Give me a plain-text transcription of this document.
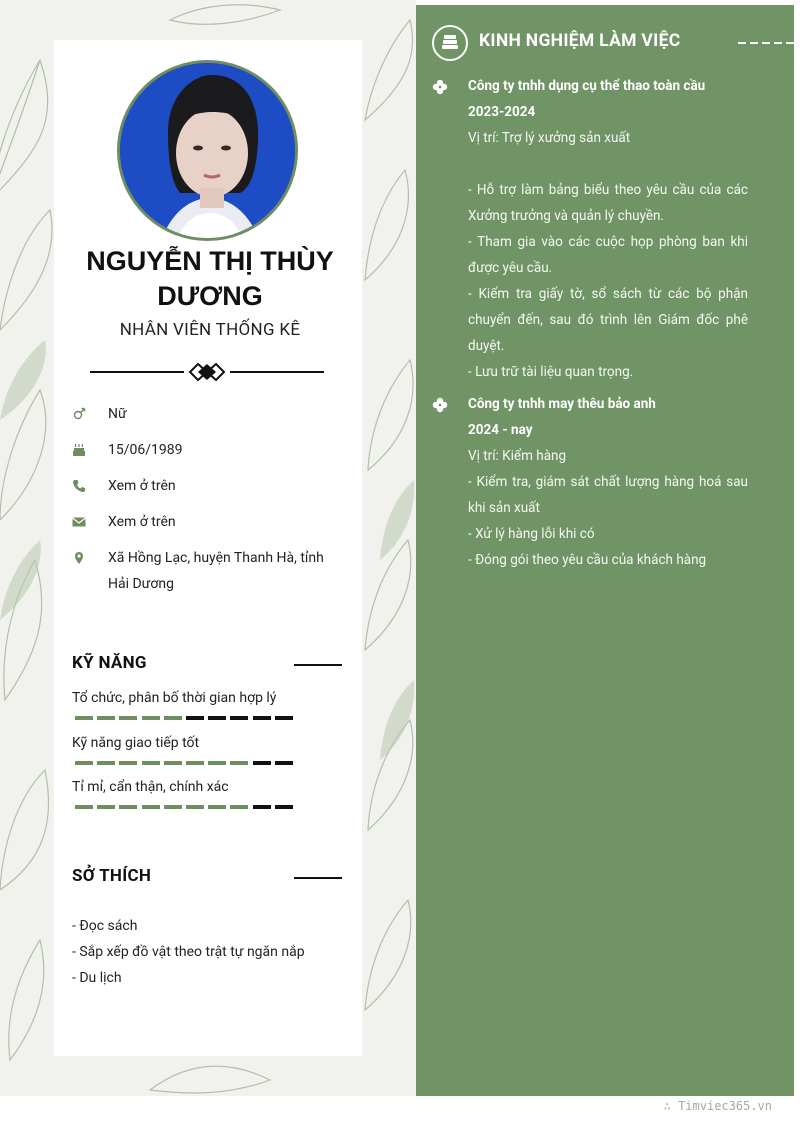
KINH NGHIỆM LÀM VIỆC
Công ty tnhh dụng cụ thể thao toàn cầu
2023-2024
Vị trí: Trợ lý xưởng sản xuất
- Hỗ trợ làm bảng biểu theo yêu cầu của các Xưởng trưởng và quản lý chuyền.
- Tham gia vào các cuộc họp phòng ban khi được yêu cầu.
- Kiểm tra giấy tờ, sổ sách từ các bộ phận chuyển đến, sau đó trình lên Giám đốc phê duyệt.
- Lưu trữ tài liệu quan trọng.
Công ty tnhh may thêu bảo anh
2024 - nay
Vị trí: Kiểm hàng
- Kiểm tra, giám sát chất lượng hàng hoá sau khi sản xuất
- Xử lý hàng lỗi khi có
- Đóng gói theo yêu cầu của khách hàng
NGUYỄN THỊ THÙY
DƯƠNG
NHÂN VIÊN THỐNG KÊ
Nữ
15/06/1989
Xem ở trên
Xem ở trên
Xã Hồng Lạc, huyện Thanh Hà, tỉnh Hải Dương
KỸ NĂNG
Tổ chức, phân bố thời gian hợp lý
Kỹ năng giao tiếp tốt
Tỉ mỉ, cẩn thận, chính xác
SỞ THÍCH
- Đọc sách
- Sắp xếp đồ vật theo trật tự ngăn nắp
- Du lịch
∴ Timviec365.vn
